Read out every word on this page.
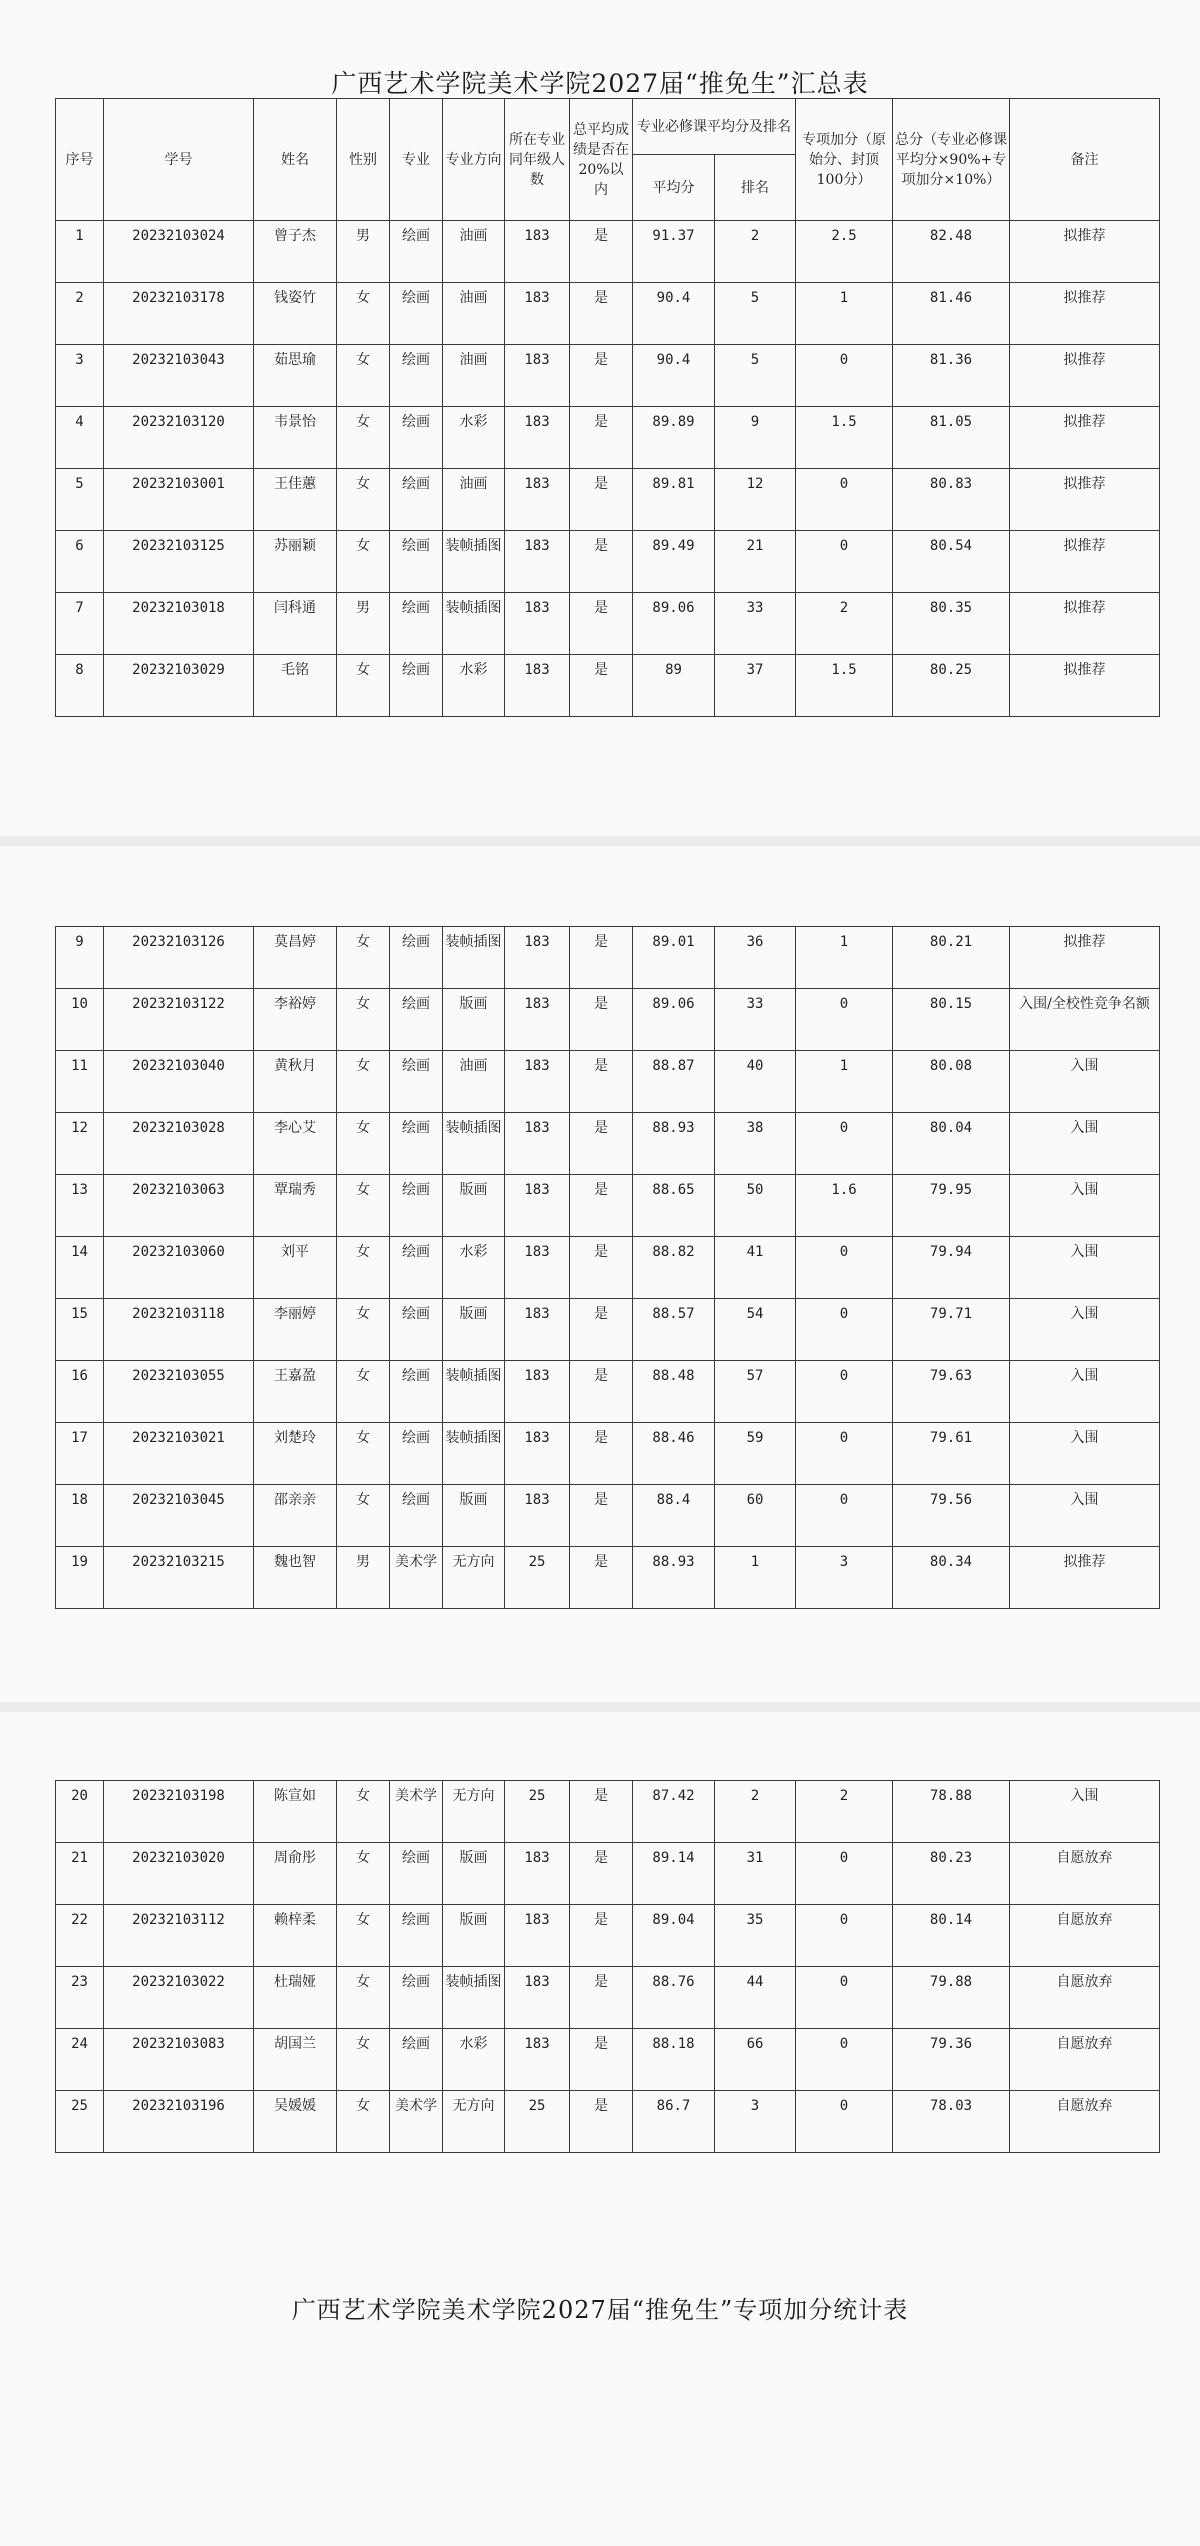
广西艺术学院美术学院2027届“推免生”汇总表
序号	学号	姓名	性别	专业	专业方向	所在专业同年级人数	总平均成绩是否在20%以内	专业必修课平均分及排名		专项加分（原始分、封顶100分）	总分（专业必修课平均分×90%+专项加分×10%）	备注
								平均分	排名			
1	20232103024	曾子杰	男	绘画	油画	183	是	91.37	2	2.5	82.48	拟推荐
2	20232103178	钱姿竹	女	绘画	油画	183	是	90.4	5	1	81.46	拟推荐
3	20232103043	茹思瑜	女	绘画	油画	183	是	90.4	5	0	81.36	拟推荐
4	20232103120	韦景怡	女	绘画	水彩	183	是	89.89	9	1.5	81.05	拟推荐
5	20232103001	王佳蕙	女	绘画	油画	183	是	89.81	12	0	80.83	拟推荐
6	20232103125	苏丽颖	女	绘画	装帧插图	183	是	89.49	21	0	80.54	拟推荐
7	20232103018	闫科通	男	绘画	装帧插图	183	是	89.06	33	2	80.35	拟推荐
8	20232103029	毛铭	女	绘画	水彩	183	是	89	37	1.5	80.25	拟推荐
9	20232103126	莫昌婷	女	绘画	装帧插图	183	是	89.01	36	1	80.21	拟推荐
10	20232103122	李裕婷	女	绘画	版画	183	是	89.06	33	0	80.15	入围/全校性竞争名额
11	20232103040	黄秋月	女	绘画	油画	183	是	88.87	40	1	80.08	入围
12	20232103028	李心艾	女	绘画	装帧插图	183	是	88.93	38	0	80.04	入围
13	20232103063	覃瑞秀	女	绘画	版画	183	是	88.65	50	1.6	79.95	入围
14	20232103060	刘平	女	绘画	水彩	183	是	88.82	41	0	79.94	入围
15	20232103118	李丽婷	女	绘画	版画	183	是	88.57	54	0	79.71	入围
16	20232103055	王嘉盈	女	绘画	装帧插图	183	是	88.48	57	0	79.63	入围
17	20232103021	刘楚玲	女	绘画	装帧插图	183	是	88.46	59	0	79.61	入围
18	20232103045	邵亲亲	女	绘画	版画	183	是	88.4	60	0	79.56	入围
19	20232103215	魏也智	男	美术学	无方向	25	是	88.93	1	3	80.34	拟推荐
20	20232103198	陈宣如	女	美术学	无方向	25	是	87.42	2	2	78.88	入围
21	20232103020	周俞彤	女	绘画	版画	183	是	89.14	31	0	80.23	自愿放弃
22	20232103112	赖梓柔	女	绘画	版画	183	是	89.04	35	0	80.14	自愿放弃
23	20232103022	杜瑞娅	女	绘画	装帧插图	183	是	88.76	44	0	79.88	自愿放弃
24	20232103083	胡国兰	女	绘画	水彩	183	是	88.18	66	0	79.36	自愿放弃
25	20232103196	吴媛媛	女	美术学	无方向	25	是	86.7	3	0	78.03	自愿放弃
广西艺术学院美术学院2027届“推免生”专项加分统计表
